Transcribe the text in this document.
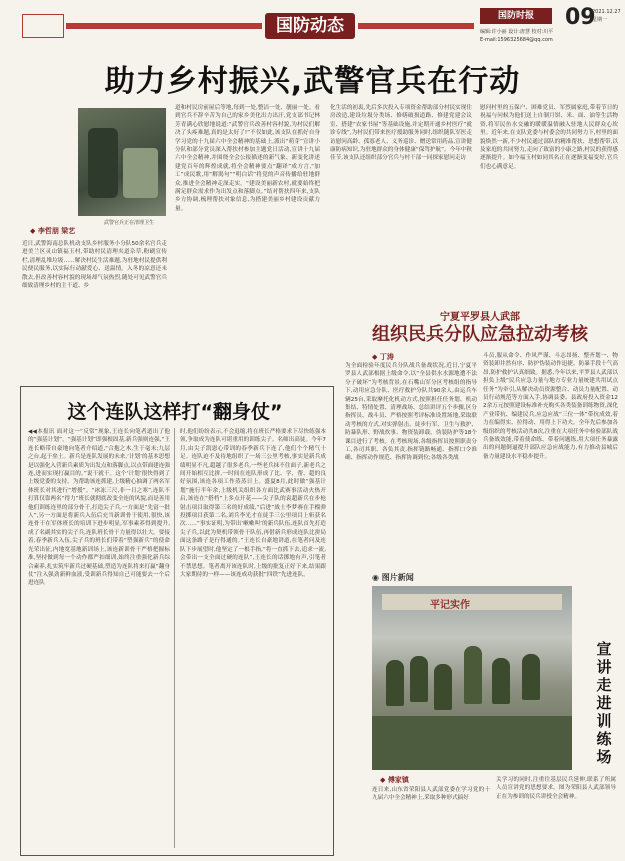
国防动态	国防时报	09
2021.12.27
星期一
编辑:许小丽 设计:唐慧 校对:川平
E-mail:1596325684@qq.com
助力乡村振兴,武警官兵在行动
武警官兵正在清理卫生
◆ 李哲朋 梁艺
近日,武警海南总队机动支队乡村服务小分队50余名官兵走进美兰区灵山镇福玉村,带助村民清理夹道杂草,粉刷宣传栏,清理乱堆垃圾……解决村民生活难题,为驻地村民提供利民便民服务,以实际行动献爱心、送温情。入冬的凉意还未散去,但改善村容村貌的现场却气氛热烈,随处可见武警官兵细致清理乡村的主干道、乡
道和村民房前屋后等地,每到一处,整洁一处、靓丽一处。看到官兵不辞辛苦为自己的家乡美化出力出汗,党支部书记林芳青满心欣慰地说道:“武警官兵改善村容村貌,为村民们解决了头疼难题,真的是太好了!”不仅如此,该支队在抓好自身学习党的十九届六中全会精神的基础上,派出“萌芽”宣讲小分队和部分党员深入帮扶村参加主题党日活动,宣讲十九届六中全会精神,并围绕全会公报描述的新气象、新变化讲述建党百年的辉煌成就,将全会精神要点“翻译”成方言,“加工”成民歌,用“解渴句”“明白话”将党的声音传播给驻地群众,推进全会精神走深走实。“建设美丽新农村,就要始终把满足群众需求作为出发点和落脚点。”结对帮扶四年来,支队乡方协调,梳理帮扶对象信息,为搭建美丽乡村建设贡献力量。
化生活的初衷,先后多次投入专项资金帮助部分村民实现住房改造,建设垃圾分类场、修缮破损道路、修建党建会议室、搭建“农家书屋”等基础设施,并定期开通乡村医疗“就诊专线”,为村民们带来医疗援助服务同时,组织随队军医走访慰问高龄、孤寡老人、义务巡诊、赠送常用药品,宣讲健康防病知识,为驻地群众的身体健康“保驾护航”。今年中秋佳节,该支队还组织部分官兵与村干部一同探家慰问走访
慰问村里的五保户、困难党员、军烈属家庭,带着节日的祝福与问候为他们送上自制月饼、米、面、油等生活物资,将军民鱼水交融的暖暖温情融入驻地人民群众心坎里。近年来,在支队党委与村委会的共同努力下,村里的面貌焕然一新,不少村民通过部队的精准帮扶、思想帮带,以及家庭的共同努力,走向了致富的小康之路,村民的获得感逐渐提升。如今福玉村如同其名正在逐渐变福变好,官兵们也心满意足。
这个连队这样打“翻身仗”
◀◀本报讯 面对这一“反常”现象,王连长向笔者道出了他的“强基计划”。“强基计划”即强根固基,新兵强则连强,“王连长略带自豪地向笔者介绍道,“合抱之木,生于毫末;九层之台,起于垒土。新兵是连队发展的未来,‘计划’的基本思想是以强化入营新兵素质为出发点和落脚点,以点带面建连强连,进而实现打赢目的。”说干就干。这个‘计划’很快得到了上级党委的支持。为帮助该连抓建,上级精心抽调了两名军体班长对其进行“增援”。“冰冻三尺,非一日之寒”,连队不打算仅靠两名“得力”班长就彻底改变全连的风貌,而是善用他们训练连里的部分骨干,打造尖子兵,一方面是“先富一批人”,另一方面是将新兵入伍后充当新训骨干使用,很快,该连骨干在军体班长的培训下进步明显,军事素养得到提升,成了名副其实的尖子兵,连队班长骨干力量得以壮大。要接着,春季新兵入伍,尖子兵的班长们带着“塑强新兵”的使命光荣出征,内地宽基地新训场上,该连新训骨干严格把握标准,坚持做到每一个动作都严扣细训,始终注重强化新兵综合素养,扎实筑牢新兵过硬基础,塑造为连队将来打赢“翻身仗”注入强劲新鲜血液,受训新兵得知自己可能要去一个后进连队
时,他们纷纷表示,不会退缩,将在班长严格要求下尽快练强本领,争取成为连队可堪重用的训练尖子。名师出高徒。今年7月,由尖子凯恩心带训的春季新兵下连了,他们个个精气十足。连队迫不及待地组织了一场三公里考核,事实是新兵成绩明显不凡,超越了很多老兵,一些老兵抹不住面子,新老兵之间开始相互比拼,一时间在连队形成了比、学、帮、超的良好氛围,该连各项工作蒸蒸日上。盛夏8月,此时做“强基计划”施行半年余,上级机关组织各方面比武赛事活动火热开启,该连在“搭档”上多点开花——尖子队的袁超新兵在步枪射击项目取得第三名的好成绩,“后进”战士李梦赛在手榴弹投掷项目获第二名,刘兵李光才在徒手三公里项目上斩获名次……“事实证明,为带出‘嗽嗽叫’的新兵队伍,连队首先打造尖子兵,以此为契机带领骨干队伍,再借新兵形成连队比拼局面这条路子是行得通的。”王连长自豪地讲道,在笔者问及连队下步展望时,他坚定了一根手指,“将一直抓下去,追求一流,会带出一支全面过硬的连队”,王连长的话掷地有声,引笔者不禁思想。笔者离开该连队时,上级的批复正好下来,结果跟大家期待的一样——该连成功获批“四铁”先进连队。
宁夏平罗县人武部
组织民兵分队应急拉动考核
◆ 丁涛
为全面检验年度民兵分队战兵备战状况,近日,宁夏平罗县人武部根据上级命令,以“全县供水水源地遭不法分子破坏”为考核背景,在石嘴山军分区考核组的指导下,动用应急分队、医疗救护分队共90余人,由运兵车辆25台,采取摩托化机动方式,按照担任任务划、机动集结、特情处置、清理战场、总结讲评五个步骤,区分指挥员、战斗员、严格按照考评标准设置场地,采取联动考核的方式,对实弹射击、徒步行军、卫生与救护、防暴队形、野战炊事、物资装卸载、伪装防护等18个课目进行了考核。在考核现场,各级指挥员按照职责分工,各司其职、各负其责,指挥链路畅通、指挥口令准确、指挥动作规范、指挥协调到位;各级各类战
斗员,服从命令、作风严谨、斗志昂扬、整齐划一、物资装卸井然有序、防护伪装动作迅捷、防暴手段十气高昂,防护救护认真细致。据悉,今年以来,平罗县人武部以担负上级“民兵应急力量与地方专业力量统建共用试点任务”为牵引,从解决动员资源整合、动员力量配置、动员行动规范等方面入手,协调县委、县政府投入资金122余万元按照建设标准补充购买各类装备训练物资,深化产业带抗、编建民兵,应急应战“三位一体”带抗成效,着力在编得实、拉得动、用得上下功夫。全年先后参加各级组织的考核活动共8次,注重在大项任务中检验部队战兵备战效能,带着使命练、带着问题练,用大项任务暴露出的问题倒逼提升部队应急应战能力,有力推动县城后备力量建设水平稳步提升。
◉ 图片新闻
平记实作
宣讲走进训练场
◆ 傅家镇
连日来,山东省荣阳县人武部党委在学习党的十九届六中全会精神上,采取多种形式搞好
关学习的同时,注重往基层民兵延伸,联系了所属人员宣讲党的思想要求。图为荣阳县人武部领导正在为参训的民兵讲授全会精神。
